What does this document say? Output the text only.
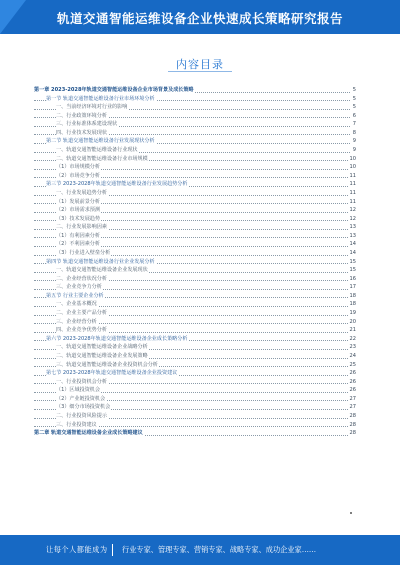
轨道交通智能运维设备企业快速成长策略研究报告
内容目录
第一章 2023-2028年轨道交通智能运维设备企业市场背景及成长策略	5
第一节 轨道交通智能运维设备行业市场环境分析	5
一、当前经济环境对行业的影响	5
二、行业政策环境分析	6
三、行业标准体系建设现状	7
四、行业技术发展现状	8
第二节 轨道交通智能运维设备行业发展现状分析	9
一、轨道交通智能运维设备行业现状	9
二、轨道交通智能运维设备行业市场规模	10
（1）市场规模分析	10
（2）市场竞争分析	11
第三节 2023-2028年轨道交通智能运维设备行业发展趋势分析	11
一、行业发展趋势分析	11
（1）发展前景分析	11
（2）市场需求预测	12
（3）技术发展趋势	12
二、行业发展影响因素	13
（1）有利因素分析	13
（2）不利因素分析	14
（3）行业进入壁垒分析	14
第四节 轨道交通智能运维设备行业企业发展分析	15
一、轨道交通智能运维设备企业发展现状	15
二、企业经营状况分析	16
三、企业竞争力分析	17
第五节 行业主要企业分析	18
一、企业基本概况	18
二、企业主要产品分析	19
三、企业经营分析	20
四、企业竞争优势分析	21
第六节 2023-2028年轨道交通智能运维设备企业成长策略分析	22
一、轨道交通智能运维设备企业战略分析	23
二、轨道交通智能运维设备企业发展策略	24
三、轨道交通智能运维设备企业投资机会分析	25
第七节 2023-2028年轨道交通智能运维设备企业投资建议	26
一、行业投资机会分析	26
（1）区域投资机会	26
（2）产业链投资机会	27
（3）细分市场投资机会	27
二、行业投资风险提示	28
三、行业投资建议	28
第二章 轨道交通智能运维设备企业成长策略建议	28
让每个人都能成为 行业专家、管理专家、营销专家、战略专家、成功企业家……
